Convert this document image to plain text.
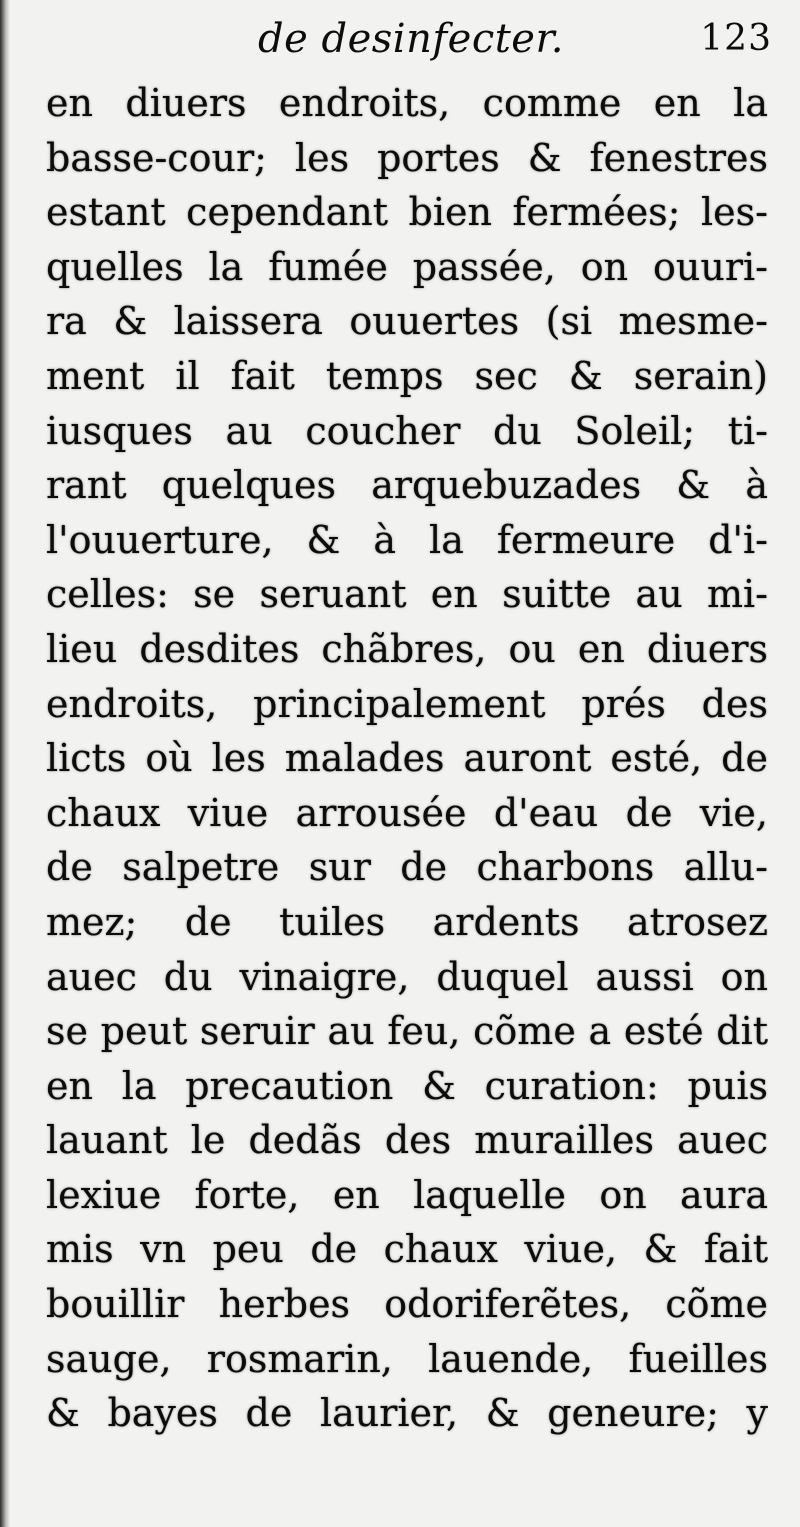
de desinfecter.	123
en diuers endroits, comme en la
basse-cour; les portes & fenestres
estant cependant bien fermées; les-
quelles la fumée passée, on ouuri-
ra & laissera ouuertes (si mesme-
ment il fait temps sec & serain)
iusques au coucher du Soleil; ti-
rant quelques arquebuzades & à
l'ouuerture, & à la fermeure d'i-
celles: se seruant en suitte au mi-
lieu desdites chãbres, ou en diuers
endroits, principalement prés des
licts où les malades auront esté, de
chaux viue arrousée d'eau de vie,
de salpetre sur de charbons allu-
mez; de tuiles ardents atrosez
auec du vinaigre, duquel aussi on
se peut seruir au feu, cõme a esté dit
en la precaution & curation: puis
lauant le dedãs des murailles auec
lexiue forte, en laquelle on aura
mis vn peu de chaux viue, & fait
bouillir herbes odoriferẽtes, cõme
sauge, rosmarin, lauende, fueilles
& bayes de laurier, & geneure; y
